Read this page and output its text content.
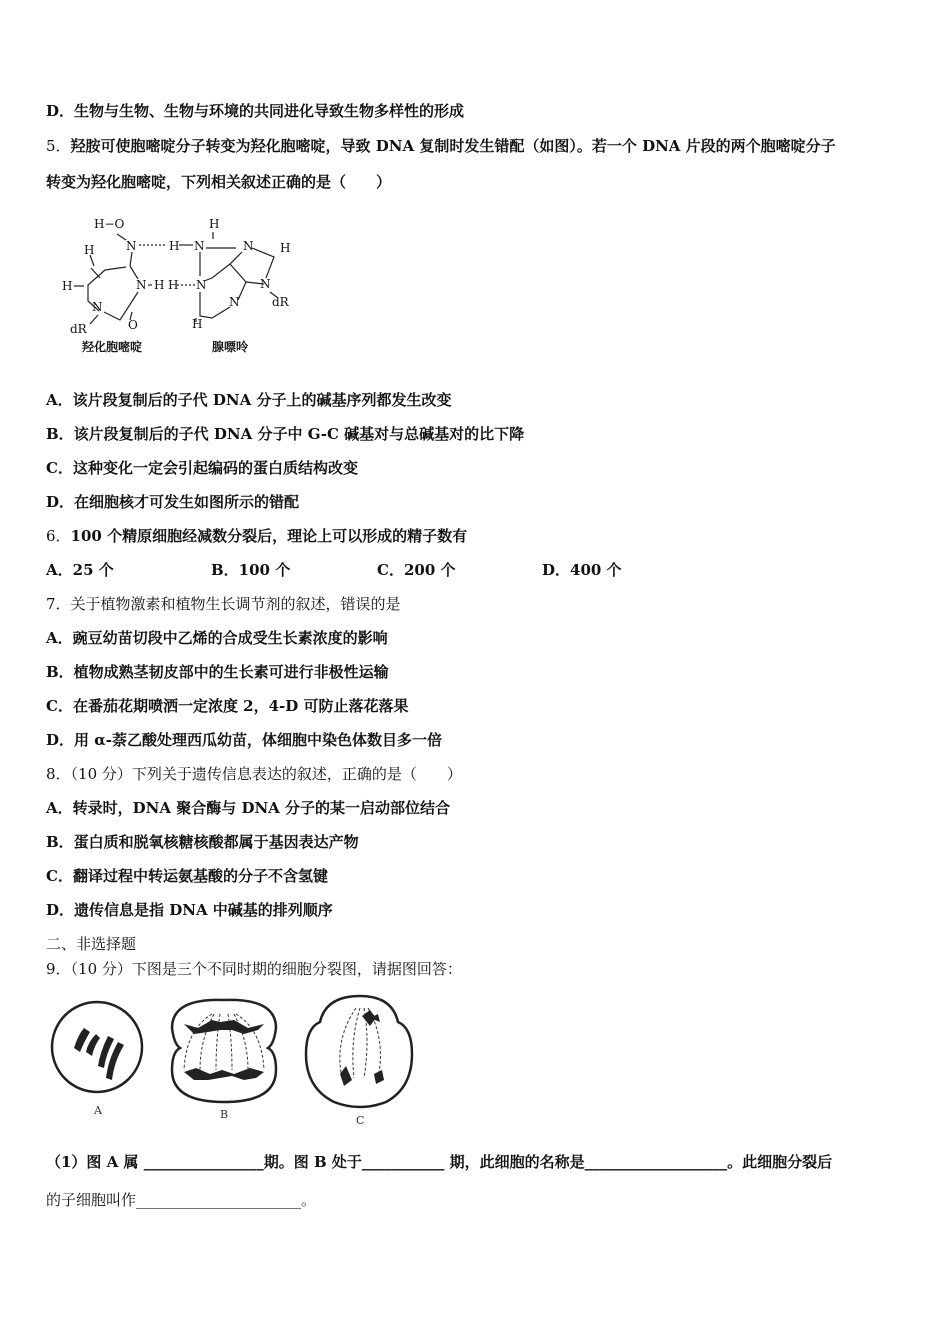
D．生物与生物、生物与环境的共同进化导致生物多样性的形成
5．羟胺可使胞嘧啶分子转变为羟化胞嘧啶，导致 DNA 复制时发生错配（如图）。若一个 DNA 片段的两个胞嘧啶分子
转变为羟化胞嘧啶，下列相关叙述正确的是（　　）
H−O	H
N	H N
H	N H
N H H N
H	N
N
N
O	H
dR
dR
羟化胞嘧啶	腺嘌呤
A．该片段复制后的子代 DNA 分子上的碱基序列都发生改变
B．该片段复制后的子代 DNA 分子中 G-C 碱基对与总碱基对的比下降
C．这种变化一定会引起编码的蛋白质结构改变
D．在细胞核才可发生如图所示的错配
6．100 个精原细胞经减数分裂后，理论上可以形成的精子数有
A．25 个	B．100 个	C．200 个	D．400 个
7．关于植物激素和植物生长调节剂的叙述，错误的是
A．豌豆幼苗切段中乙烯的合成受生长素浓度的影响
B．植物成熟茎韧皮部中的生长素可进行非极性运输
C．在番茄花期喷洒一定浓度 2，4-D 可防止落花落果
D．用 α-萘乙酸处理西瓜幼苗，体细胞中染色体数目多一倍
8．（10 分）下列关于遗传信息表达的叙述，正确的是（　　）
A．转录时，DNA 聚合酶与 DNA 分子的某一启动部位结合
B．蛋白质和脱氧核糖核酸都属于基因表达产物
C．翻译过程中转运氨基酸的分子不含氢键
D．遗传信息是指 DNA 中碱基的排列顺序
二、非选择题
9．（10 分）下图是三个不同时期的细胞分裂图，请据图回答：
A	B	C
（1）图 A 属 ________________期。图 B 处于___________ 期，此细胞的名称是___________________。此细胞分裂后
的子细胞叫作______________________。
